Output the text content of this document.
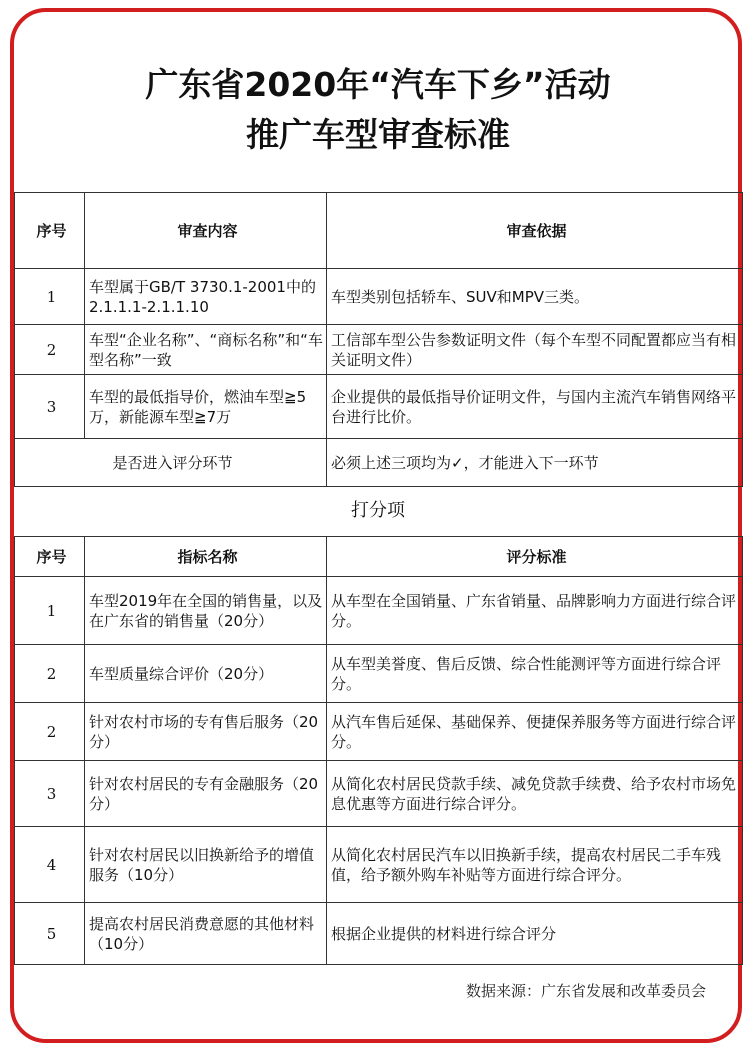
广东省2020年“汽车下乡”活动
推广车型审查标准
序号	审查内容	审查依据
1	车型属于GB/T 3730.1-2001中的2.1.1.1-2.1.1.10	车型类别包括轿车、SUV和MPV三类。
2	车型“企业名称”、“商标名称”和“车型名称”一致	工信部车型公告参数证明文件（每个车型不同配置都应当有相关证明文件）
3	车型的最低指导价，燃油车型≧5万，新能源车型≧7万	企业提供的最低指导价证明文件，与国内主流汽车销售网络平台进行比价。
是否进入评分环节		必须上述三项均为✓，才能进入下一环节
打分项
序号	指标名称	评分标准
1	车型2019年在全国的销售量，以及在广东省的销售量（20分）	从车型在全国销量、广东省销量、品牌影响力方面进行综合评分。
2	车型质量综合评价（20分）	从车型美誉度、售后反馈、综合性能测评等方面进行综合评分。
2	针对农村市场的专有售后服务（20分）	从汽车售后延保、基础保养、便捷保养服务等方面进行综合评分。
3	针对农村居民的专有金融服务（20分）	从简化农村居民贷款手续、减免贷款手续费、给予农村市场免息优惠等方面进行综合评分。
4	针对农村居民以旧换新给予的增值服务（10分）	从简化农村居民汽车以旧换新手续，提高农村居民二手车残值，给予额外购车补贴等方面进行综合评分。
5	提高农村居民消费意愿的其他材料（10分）	根据企业提供的材料进行综合评分
数据来源：广东省发展和改革委员会
